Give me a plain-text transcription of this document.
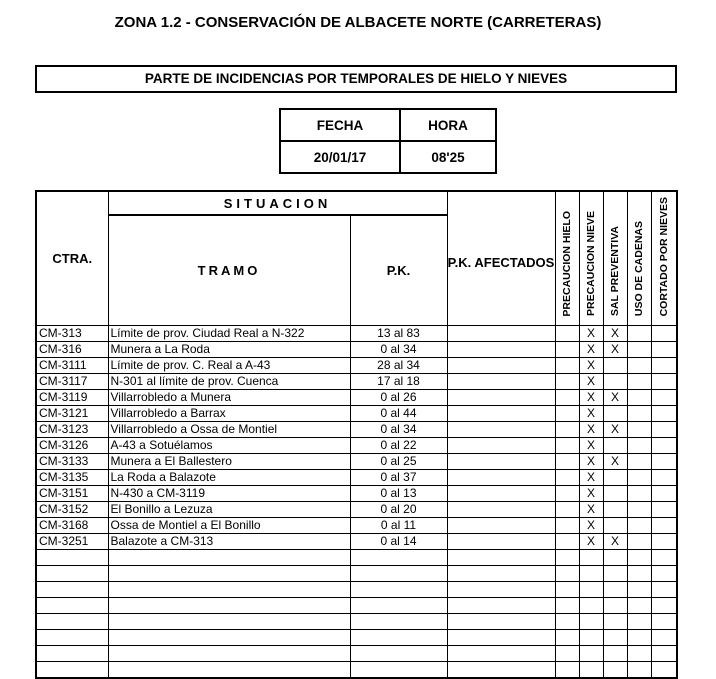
ZONA 1.2 - CONSERVACIÓN DE ALBACETE NORTE (CARRETERAS)
PARTE DE INCIDENCIAS POR TEMPORALES DE HIELO Y NIEVES
FECHA	HORA
20/01/17	08'25
CTRA.	SITUACION		P.K. AFECTADOS	PRECAUCION HIELO	PRECAUCION NIEVE	SAL PREVENTIVA	USO DE CADENAS	CORTADO POR NIEVES
	TRAMO	P.K.						
CM-313	Límite de prov. Ciudad Real a N-322	13 al 83			X	X		
CM-316	Munera a La Roda	0 al 34			X	X		
CM-3111	Límite de prov. C. Real a A-43	28 al 34			X			
CM-3117	N-301 al límite de prov. Cuenca	17 al 18			X			
CM-3119	Villarrobledo a Munera	0 al 26			X	X		
CM-3121	Villarrobledo a Barrax	0 al 44			X			
CM-3123	Villarrobledo a Ossa de Montiel	0 al 34			X	X		
CM-3126	A-43 a Sotuélamos	0 al 22			X			
CM-3133	Munera a El Ballestero	0 al 25			X	X		
CM-3135	La Roda a Balazote	0 al 37			X			
CM-3151	N-430 a CM-3119	0 al 13			X			
CM-3152	El Bonillo a Lezuza	0 al 20			X			
CM-3168	Ossa de Montiel a El Bonillo	0 al 11			X			
CM-3251	Balazote a CM-313	0 al 14			X	X		
